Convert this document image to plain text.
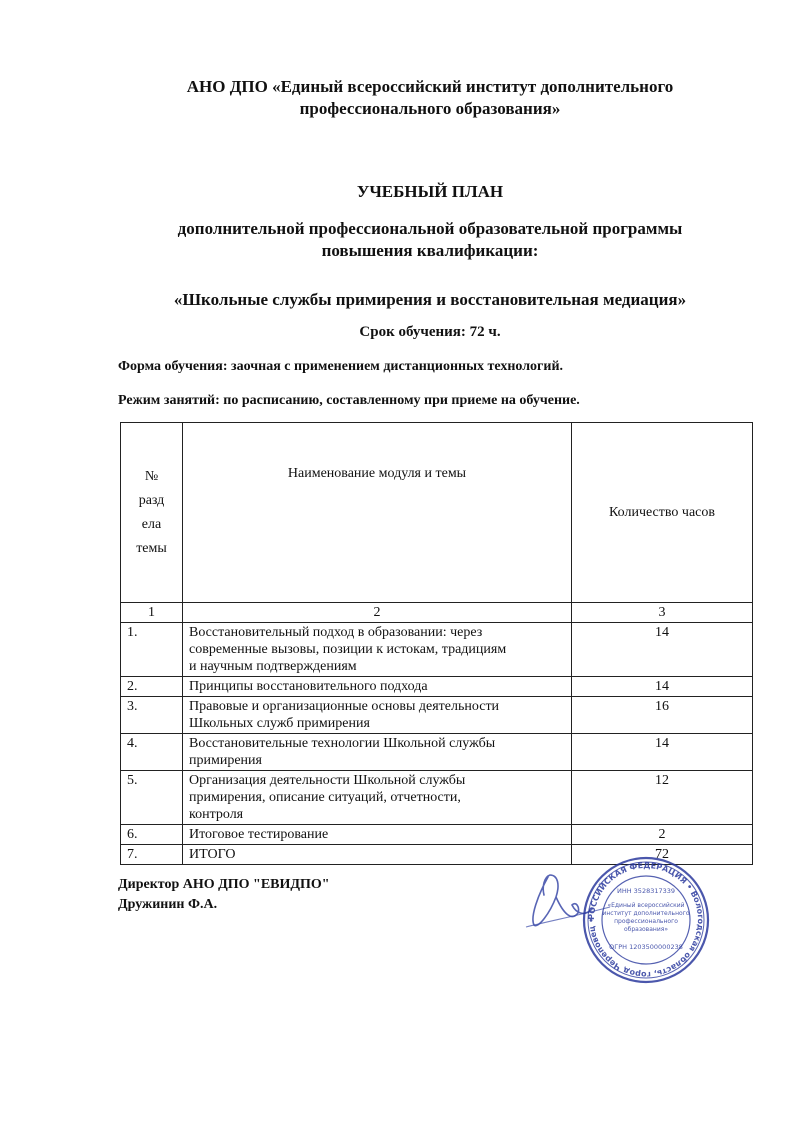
АНО ДПО «Единый всероссийский институт дополнительного
профессионального образования»
УЧЕБНЫЙ ПЛАН
дополнительной профессиональной образовательной программы
повышения квалификации:
«Школьные службы примирения и восстановительная медиация»
Срок обучения: 72 ч.
Форма обучения: заочная с применением дистанционных технологий.
Режим занятий: по расписанию, составленному при приеме на обучение.
№
разд
ела
темы	Наименование модуля и темы	Количество часов
1	2	3
1.	Восстановительный подход в образовании: через
современные вызовы, позиции к истокам, традициям
и научным подтверждениям	14
2.	Принципы восстановительного подхода	14
3.	Правовые и организационные основы деятельности
Школьных служб примирения	16
4.	Восстановительные технологии Школьной службы
примирения	14
5.	Организация деятельности Школьной службы
примирения, описание ситуаций, отчетности,
контроля	12
6.	Итоговое тестирование	2
7.	ИТОГО	72
Директор АНО ДПО "ЕВИДПО"
Дружинин Ф.А.
РОССИЙСКАЯ ФЕДЕРАЦИЯ • Вологодская область, город Череповец •
ИНН 3528317339
«Единый всероссийский
институт дополнительного
профессионального
образования»
ОГРН 1203500000238
